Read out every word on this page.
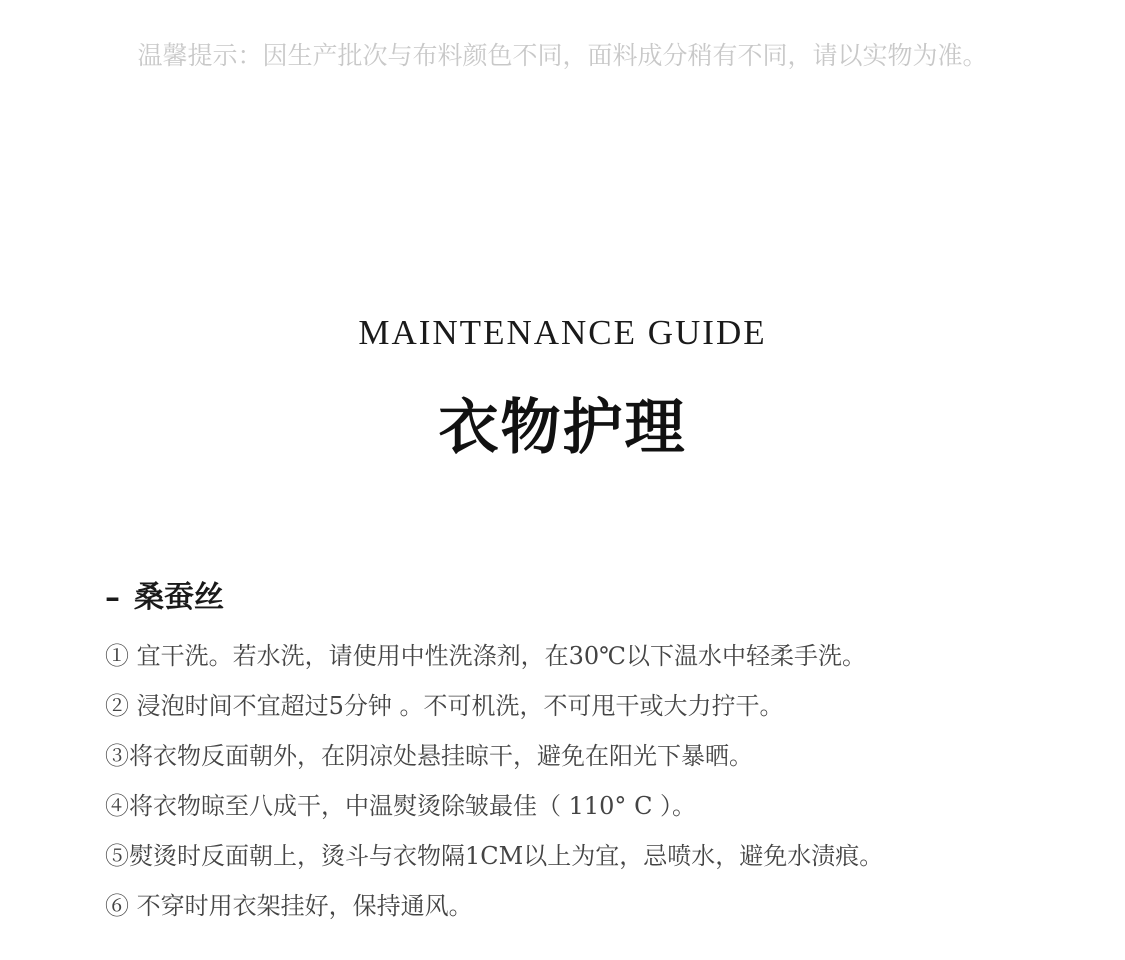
温馨提示：因生产批次与布料颜色不同，面料成分稍有不同，请以实物为准。
MAINTENANCE GUIDE
衣物护理
– 桑蚕丝
① 宜干洗。若水洗，请使用中性洗涤剂，在30℃以下温水中轻柔手洗。
② 浸泡时间不宜超过5分钟 。不可机洗，不可甩干或大力拧干。
③将衣物反面朝外，在阴凉处悬挂晾干，避免在阳光下暴晒。
④将衣物晾至八成干，中温熨烫除皱最佳（ 110° C ）。
⑤熨烫时反面朝上，烫斗与衣物隔1CM以上为宜，忌喷水，避免水渍痕。
⑥ 不穿时用衣架挂好，保持通风。
